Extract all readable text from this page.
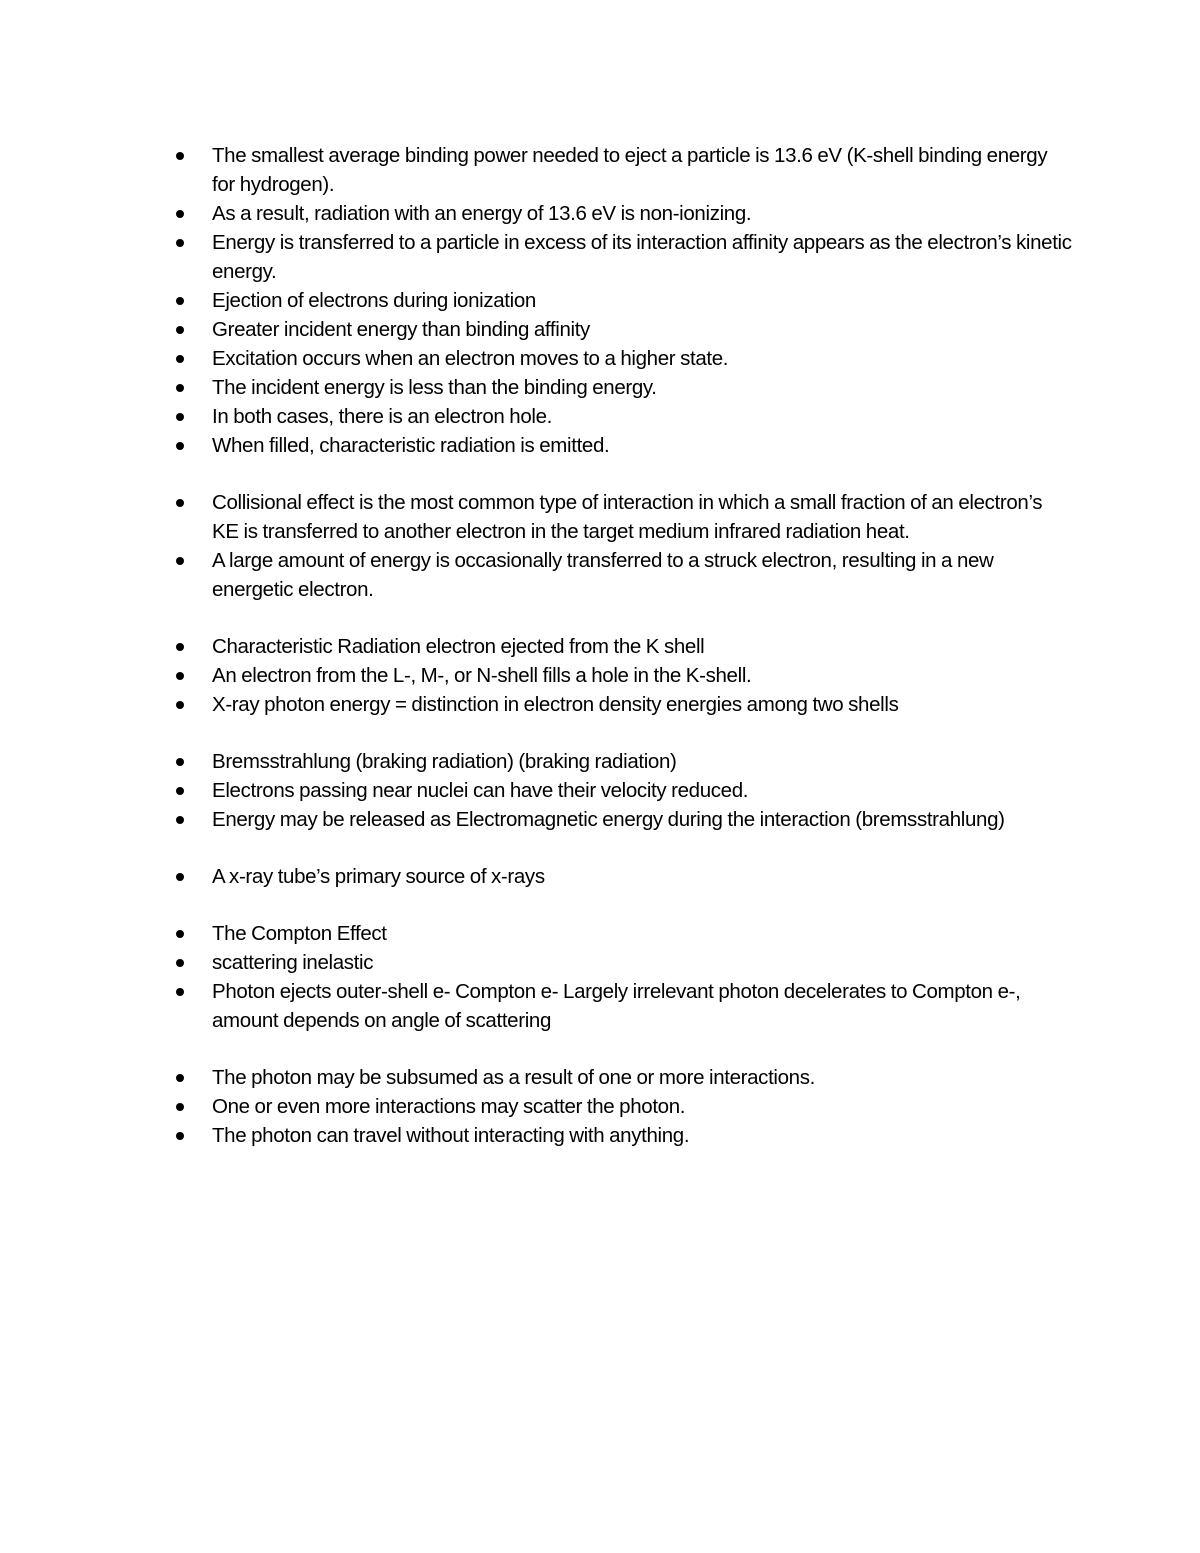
The smallest average binding power needed to eject a particle is 13.6 eV (K-shell binding energy for hydrogen).
As a result, radiation with an energy of 13.6 eV is non-ionizing.
Energy is transferred to a particle in excess of its interaction affinity appears as the electron’s kinetic energy.
Ejection of electrons during ionization
Greater incident energy than binding affinity
Excitation occurs when an electron moves to a higher state.
The incident energy is less than the binding energy.
In both cases, there is an electron hole.
When filled, characteristic radiation is emitted.
Collisional effect is the most common type of interaction in which a small fraction of an electron’s KE is transferred to another electron in the target medium infrared radiation heat.
A large amount of energy is occasionally transferred to a struck electron, resulting in a new energetic electron.
Characteristic Radiation electron ejected from the K shell
An electron from the L-, M-, or N-shell fills a hole in the K-shell.
X-ray photon energy = distinction in electron density energies among two shells
Bremsstrahlung (braking radiation) (braking radiation)
Electrons passing near nuclei can have their velocity reduced.
Energy may be released as Electromagnetic energy during the interaction (bremsstrahlung)
A x-ray tube’s primary source of x-rays
The Compton Effect
scattering inelastic
Photon ejects outer-shell e- Compton e- Largely irrelevant photon decelerates to Compton e-, amount depends on angle of scattering
The photon may be subsumed as a result of one or more interactions.
One or even more interactions may scatter the photon.
The photon can travel without interacting with anything.
